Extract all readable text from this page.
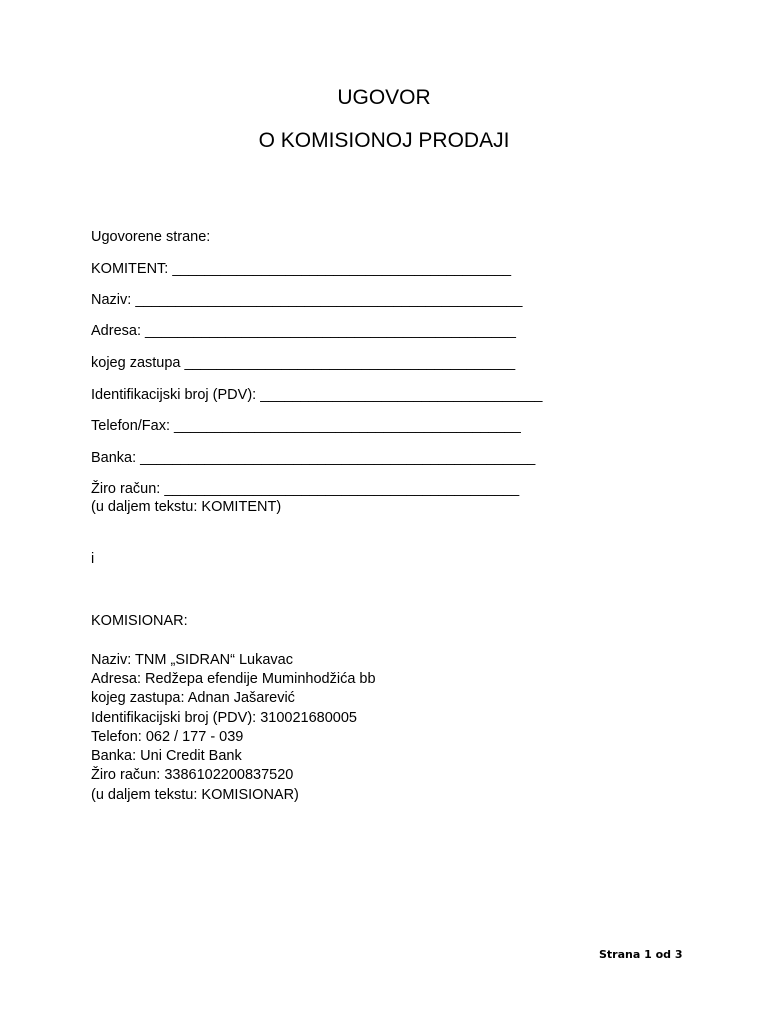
UGOVOR
O KOMISIONOJ PRODAJI
Ugovorene strane:
KOMITENT: __________________________________________
Naziv: ________________________________________________
Adresa: ______________________________________________
kojeg zastupa _________________________________________
Identifikacijski broj (PDV): ___________________________________
Telefon/Fax: ___________________________________________
Banka: _________________________________________________
Žiro račun: ____________________________________________
(u daljem tekstu: KOMITENT)
i
KOMISIONAR:
Naziv: TNM „SIDRAN“ Lukavac
Adresa: Redžepa efendije Muminhodžića bb
kojeg zastupa: Adnan Jašarević
Identifikacijski broj (PDV): 310021680005
Telefon: 062 / 177 - 039
Banka: Uni Credit Bank
Žiro račun: 3386102200837520
(u daljem tekstu: KOMISIONAR)
Strana 1 od 3
